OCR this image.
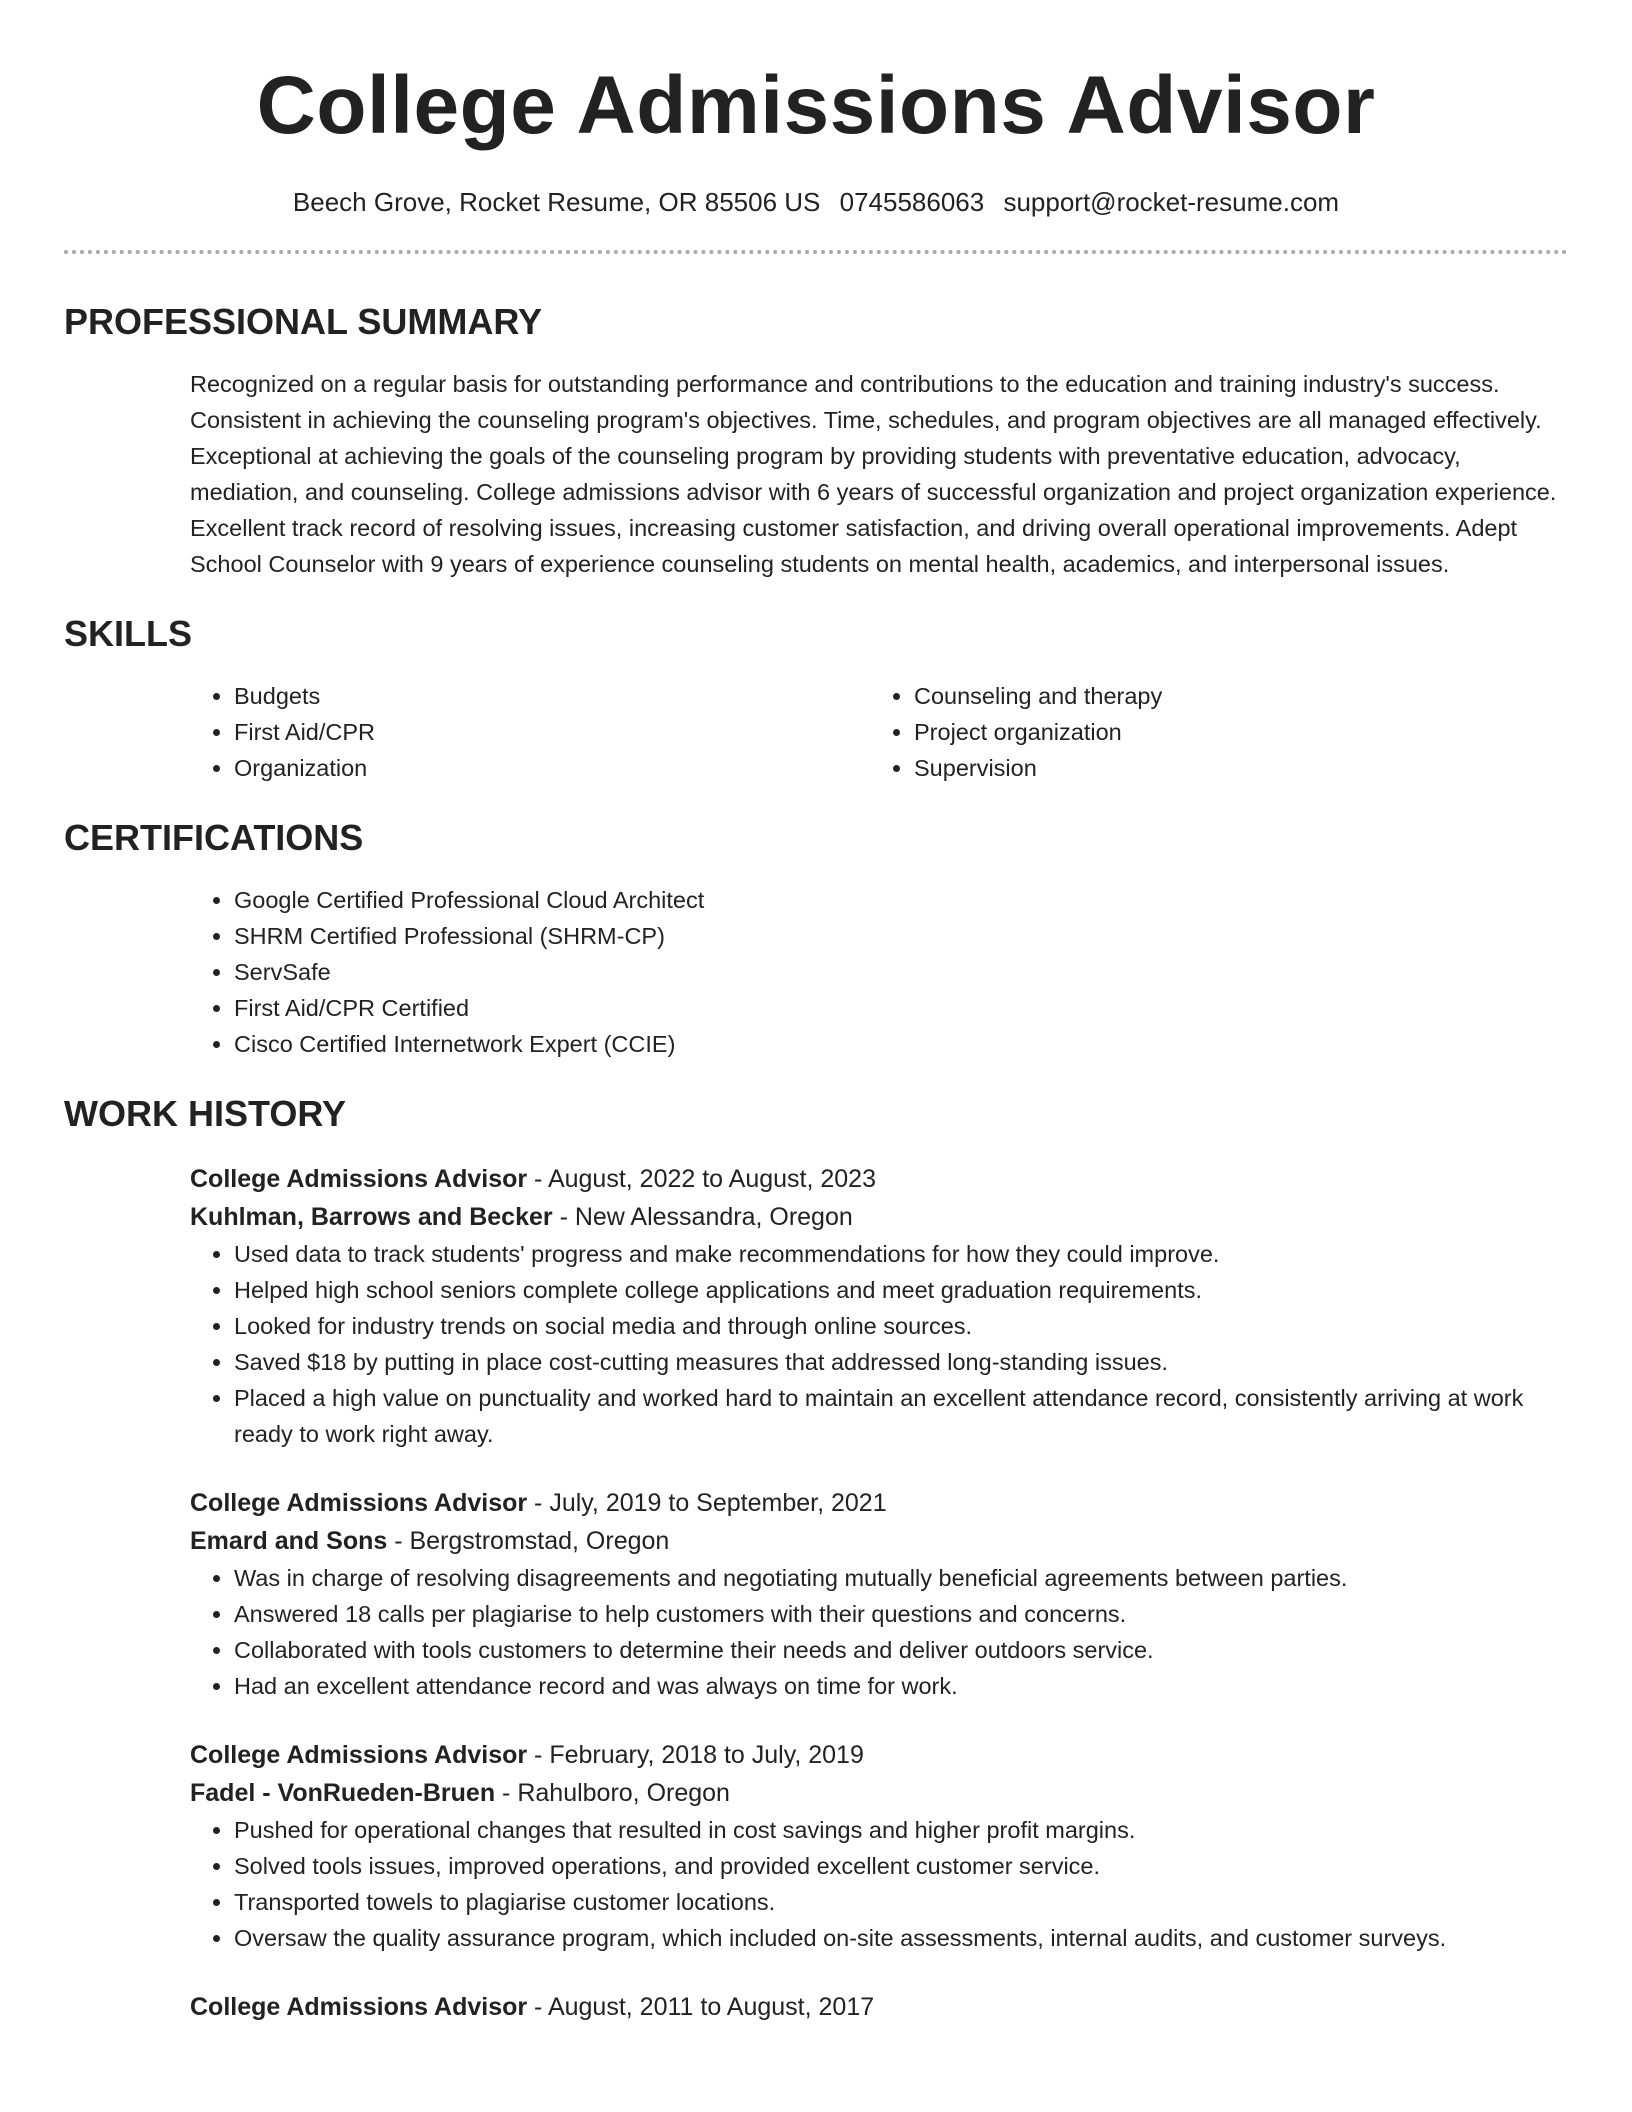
College Admissions Advisor
Beech Grove, Rocket Resume, OR 85506 US 0745586063 support@rocket-resume.com
PROFESSIONAL SUMMARY
Recognized on a regular basis for outstanding performance and contributions to the education and training industry's success. Consistent in achieving the counseling program's objectives. Time, schedules, and program objectives are all managed effectively. Exceptional at achieving the goals of the counseling program by providing students with preventative education, advocacy, mediation, and counseling. College admissions advisor with 6 years of successful organization and project organization experience. Excellent track record of resolving issues, increasing customer satisfaction, and driving overall operational improvements. Adept School Counselor with 9 years of experience counseling students on mental health, academics, and interpersonal issues.
SKILLS
• Budgets
• First Aid/CPR
• Organization
• Counseling and therapy
• Project organization
• Supervision
CERTIFICATIONS
• Google Certified Professional Cloud Architect
• SHRM Certified Professional (SHRM-CP)
• ServSafe
• First Aid/CPR Certified
• Cisco Certified Internetwork Expert (CCIE)
WORK HISTORY
College Admissions Advisor - August, 2022 to August, 2023
Kuhlman, Barrows and Becker - New Alessandra, Oregon
• Used data to track students' progress and make recommendations for how they could improve.
• Helped high school seniors complete college applications and meet graduation requirements.
• Looked for industry trends on social media and through online sources.
• Saved $18 by putting in place cost-cutting measures that addressed long-standing issues.
• Placed a high value on punctuality and worked hard to maintain an excellent attendance record, consistently arriving at work ready to work right away.
College Admissions Advisor - July, 2019 to September, 2021
Emard and Sons - Bergstromstad, Oregon
• Was in charge of resolving disagreements and negotiating mutually beneficial agreements between parties.
• Answered 18 calls per plagiarise to help customers with their questions and concerns.
• Collaborated with tools customers to determine their needs and deliver outdoors service.
• Had an excellent attendance record and was always on time for work.
College Admissions Advisor - February, 2018 to July, 2019
Fadel - VonRueden-Bruen - Rahulboro, Oregon
• Pushed for operational changes that resulted in cost savings and higher profit margins.
• Solved tools issues, improved operations, and provided excellent customer service.
• Transported towels to plagiarise customer locations.
• Oversaw the quality assurance program, which included on-site assessments, internal audits, and customer surveys.
College Admissions Advisor - August, 2011 to August, 2017
